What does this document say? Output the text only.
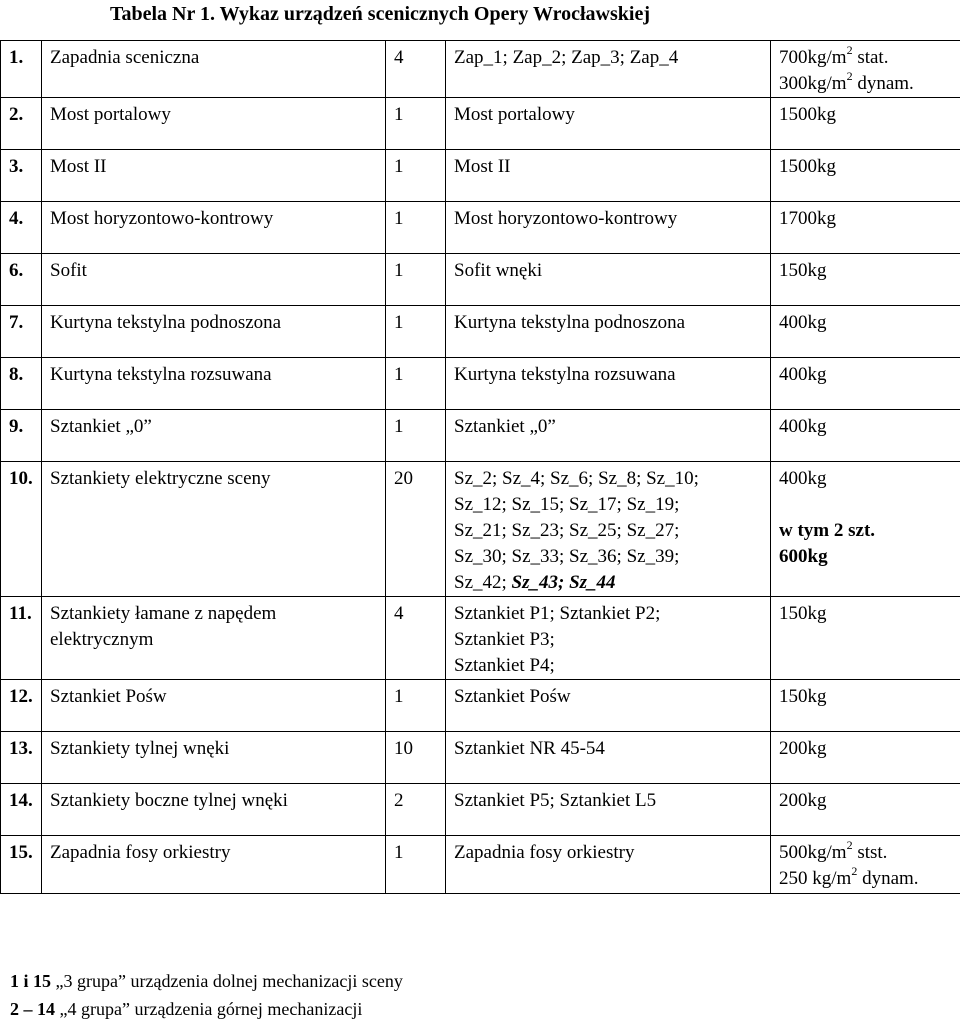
Tabela Nr 1. Wykaz urządzeń scenicznych Opery Wrocławskiej
1.	Zapadnia sceniczna	4	Zap_1; Zap_2; Zap_3; Zap_4	$700kg/m^2$ stat.
$300kg/m^2$ dynam.

2.	Most portalowy	1	Most portalowy	1500kg

3.	Most II	1	Most II	1500kg

4.	Most horyzontowo-kontrowy	1	Most horyzontowo-kontrowy	1700kg

6.	Sofit	1	Sofit wnęki	150kg

7.	Kurtyna tekstylna podnoszona	1	Kurtyna tekstylna podnoszona	400kg

8.	Kurtyna tekstylna rozsuwana	1	Kurtyna tekstylna rozsuwana	400kg

9.	Sztankiet „0”	1	Sztankiet „0”	400kg

10.	Sztankiety elektryczne sceny	20	Sz_2; Sz_4; Sz_6; Sz_8; Sz_10;
Sz_12; Sz_15; Sz_17; Sz_19;
Sz_21; Sz_23; Sz_25; Sz_27;
Sz_30; Sz_33; Sz_36; Sz_39;
Sz_42; Sz_43; Sz_44	400kg
w tym 2 szt.
600kg

11.	Sztankiety łamane z napędem
elektrycznym	4	Sztankiet P1; Sztankiet P2;
Sztankiet P3;
Sztankiet P4;	150kg

12.	Sztankiet Pośw	1	Sztankiet Pośw	150kg

13.	Sztankiety tylnej wnęki	10	Sztankiet NR 45-54	200kg

14.	Sztankiety boczne tylnej wnęki	2	Sztankiet P5; Sztankiet L5	200kg

15.	Zapadnia fosy orkiestry	1	Zapadnia fosy orkiestry	$500kg/m^2$ stst.
250 $kg/m^2$ dynam.
1 i 15 „3 grupa” urządzenia dolnej mechanizacji sceny
2 – 14 „4 grupa” urządzenia górnej mechanizacji
